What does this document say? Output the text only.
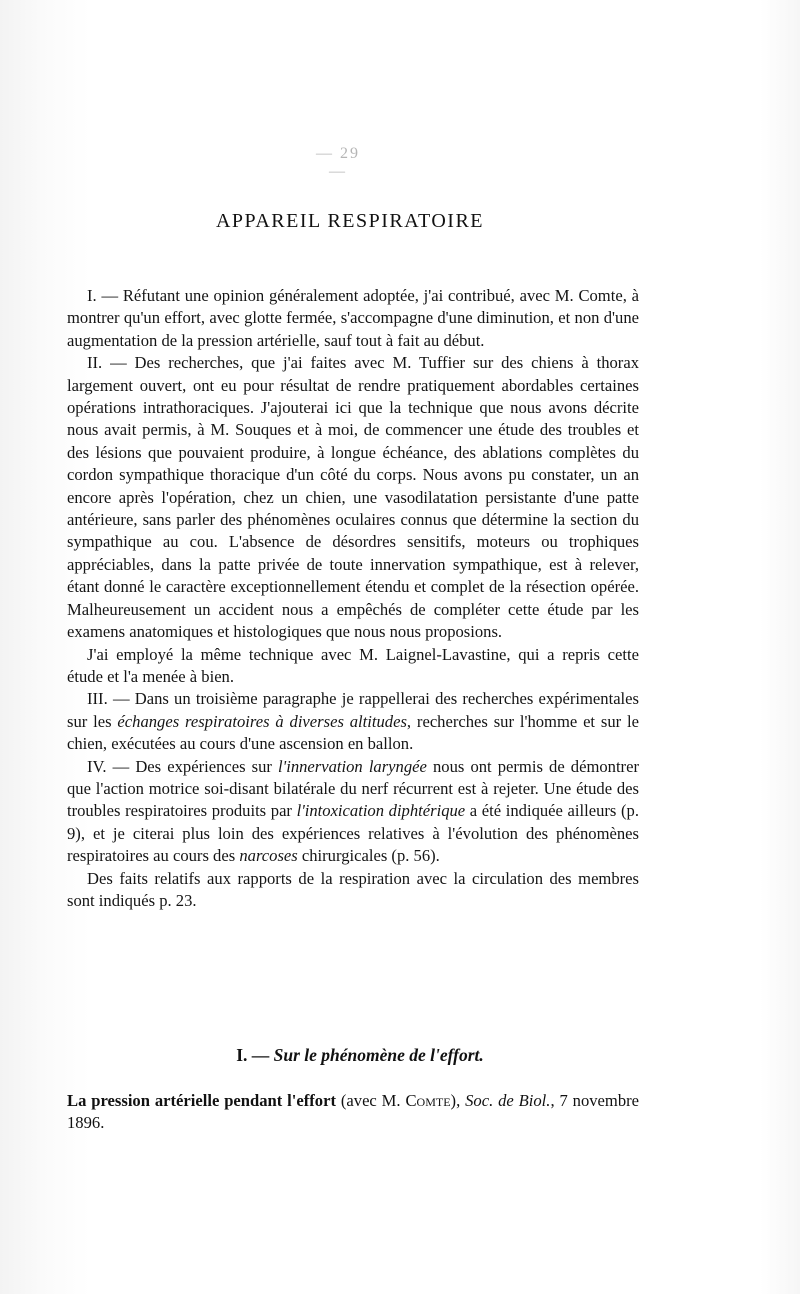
— 29 —
APPAREIL RESPIRATOIRE

I. — Réfutant une opinion généralement adoptée, j'ai contribué, avec M. Comte, à montrer qu'un effort, avec glotte fermée, s'accompagne d'une diminution, et non d'une augmentation de la pression artérielle, sauf tout à fait au début.

II. — Des recherches, que j'ai faites avec M. Tuffier sur des chiens à thorax largement ouvert, ont eu pour résultat de rendre pratiquement abordables certaines opérations intrathoraciques. J'ajouterai ici que la technique que nous avons décrite nous avait permis, à M. Souques et à moi, de commencer une étude des troubles et des lésions que pouvaient produire, à longue échéance, des ablations complètes du cordon sympathique thoracique d'un côté du corps. Nous avons pu constater, un an encore après l'opération, chez un chien, une vasodilatation persistante d'une patte antérieure, sans parler des phénomènes oculaires connus que détermine la section du sympathique au cou. L'absence de désordres sensitifs, moteurs ou trophiques appréciables, dans la patte privée de toute innervation sympathique, est à relever, étant donné le caractère exceptionnellement étendu et complet de la résection opérée. Malheureusement un accident nous a empêchés de compléter cette étude par les examens anatomiques et histologiques que nous nous proposions.

J'ai employé la même technique avec M. Laignel-Lavastine, qui a repris cette étude et l'a menée à bien.

III. — Dans un troisième paragraphe je rappellerai des recherches expérimentales sur les échanges respiratoires à diverses altitudes, recherches sur l'homme et sur le chien, exécutées au cours d'une ascension en ballon.

IV. — Des expériences sur l'innervation laryngée nous ont permis de démontrer que l'action motrice soi-disant bilatérale du nerf récurrent est à rejeter. Une étude des troubles respiratoires produits par l'intoxication diphtérique a été indiquée ailleurs (p. 9), et je citerai plus loin des expériences relatives à l'évolution des phénomènes respiratoires au cours des narcoses chirurgicales (p. 56).

Des faits relatifs aux rapports de la respiration avec la circulation des membres sont indiqués p. 23.

I. — Sur le phénomène de l'effort.
La pression artérielle pendant l'effort (avec M. Comte), Soc. de Biol., 7 novembre 1896.
